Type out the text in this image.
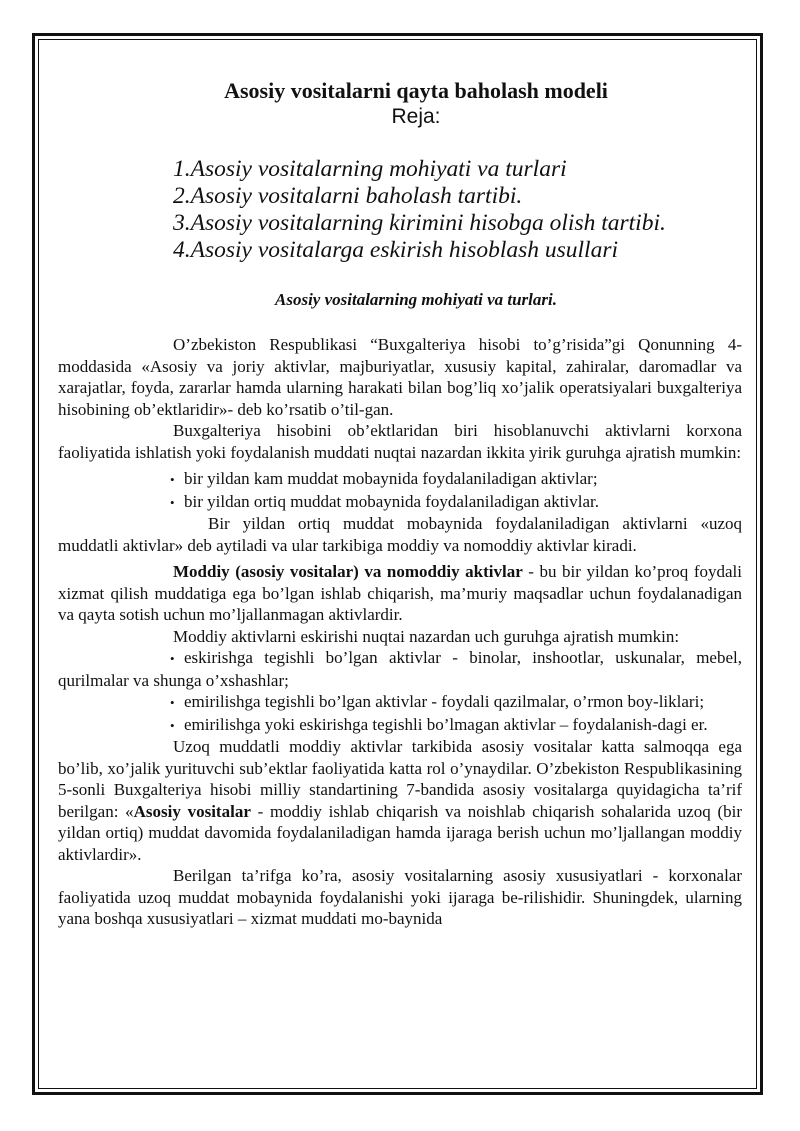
Asosiy vositalarni qayta baholash modeli
Reja:
1.Asosiy vositalarning mohiyati va turlari
2.Asosiy vositalarni baholash tartibi.
3.Asosiy vositalarning kirimini hisobga olish tartibi.
4.Asosiy vositalarga eskirish hisoblash usullari
Asosiy vositalarning mohiyati va turlari.

O’zbekiston Respublikasi “Buxgalteriya hisobi to’g’risida”gi Qonunning 4-moddasida «Asosiy va joriy aktivlar, majburiyatlar, xususiy kapital, zahiralar, daromadlar va xarajatlar, foyda, zararlar hamda ularning harakati bilan bog’liq xo’jalik operatsiyalari buxgalteriya hisobining ob’ektlaridir»- deb ko’rsatib o’til-gan.

Buxgalteriya hisobini ob’ektlaridan biri hisoblanuvchi aktivlarni korxona faoliyatida ishlatish yoki foydalanish muddati nuqtai nazardan ikkita yirik guruhga ajratish mumkin:

• bir yildan kam muddat mobaynida foydalaniladigan aktivlar;
• bir yildan ortiq muddat mobaynida foydalaniladigan aktivlar.

Bir yildan ortiq muddat mobaynida foydalaniladigan aktivlarni «uzoq muddatli aktivlar» deb aytiladi va ular tarkibiga moddiy va nomoddiy aktivlar kiradi.

Moddiy (asosiy vositalar) va nomoddiy aktivlar - bu bir yildan ko’proq foydali xizmat qilish muddatiga ega bo’lgan ishlab chiqarish, ma’muriy maqsadlar uchun foydalanadigan va qayta sotish uchun mo’ljallanmagan aktivlardir.

Moddiy aktivlarni eskirishi nuqtai nazardan uch guruhga ajratish mumkin:

• eskirishga tegishli bo’lgan aktivlar - binolar, inshootlar, uskunalar, mebel, qurilmalar va shunga o’xshashlar;
• emirilishga tegishli bo’lgan aktivlar - foydali qazilmalar, o’rmon boy-liklari;
• emirilishga yoki eskirishga tegishli bo’lmagan aktivlar – foydalanish-dagi er.

Uzoq muddatli moddiy aktivlar tarkibida asosiy vositalar katta salmoqqa ega bo’lib, xo’jalik yurituvchi sub’ektlar faoliyatida katta rol o’ynaydilar. O’zbekiston Respublikasining 5-sonli Buxgalteriya hisobi milliy standartining 7-bandida asosiy vositalarga quyidagicha ta’rif berilgan: «Asosiy vositalar - moddiy ishlab chiqarish va noishlab chiqarish sohalarida uzoq (bir yildan ortiq) muddat davomida foydalaniladigan hamda ijaraga berish uchun mo’ljallangan moddiy aktivlardir».

Berilgan ta’rifga ko’ra, asosiy vositalarning asosiy xususiyatlari - korxonalar faoliyatida uzoq muddat mobaynida foydalanishi yoki ijaraga be-rilishidir. Shuningdek, ularning yana boshqa xususiyatlari – xizmat muddati mo-baynida
